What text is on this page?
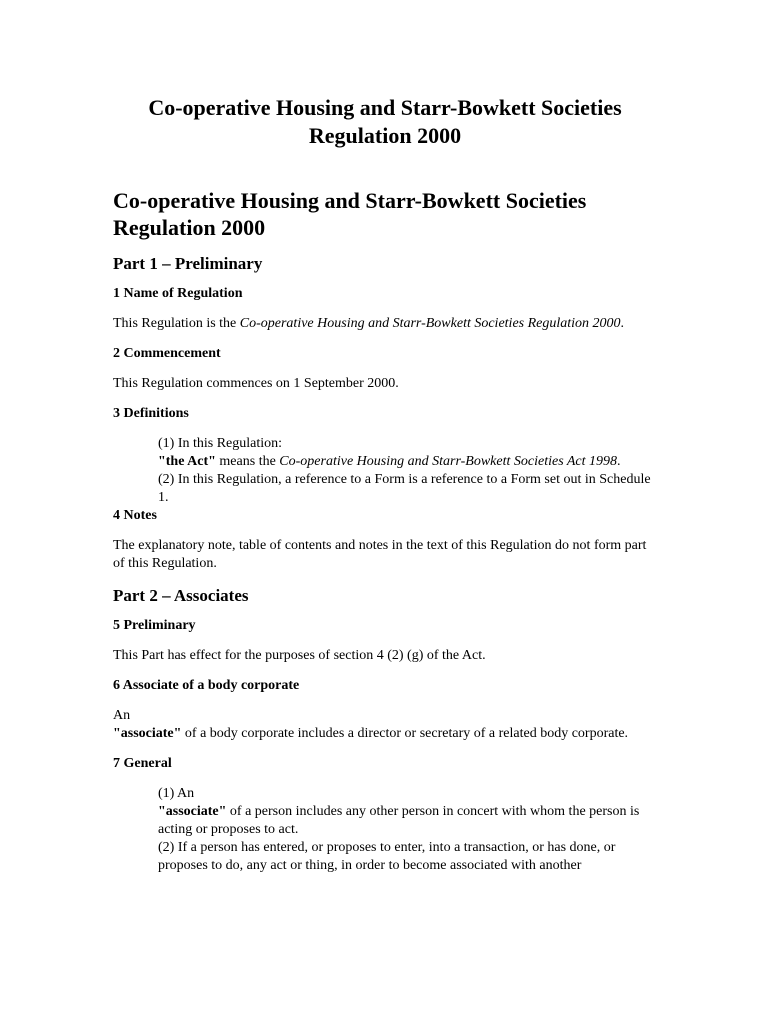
Co-operative Housing and Starr-Bowkett Societies
Regulation 2000
Co-operative Housing and Starr-Bowkett Societies Regulation 2000
Part 1 – Preliminary
1 Name of Regulation

This Regulation is the Co-operative Housing and Starr-Bowkett Societies Regulation 2000.

2 Commencement

This Regulation commences on 1 September 2000.

3 Definitions

(1) In this Regulation:

"the Act" means the Co-operative Housing and Starr-Bowkett Societies Act 1998.

(2) In this Regulation, a reference to a Form is a reference to a Form set out in Schedule 1.

4 Notes

The explanatory note, table of contents and notes in the text of this Regulation do not form part of this Regulation.

Part 2 – Associates
5 Preliminary

This Part has effect for the purposes of section 4 (2) (g) of the Act.

6 Associate of a body corporate

An
"associate" of a body corporate includes a director or secretary of a related body corporate.

7 General

(1) An

"associate" of a person includes any other person in concert with whom the person is acting or proposes to act.

(2) If a person has entered, or proposes to enter, into a transaction, or has done, or proposes to do, any act or thing, in order to become associated with another
